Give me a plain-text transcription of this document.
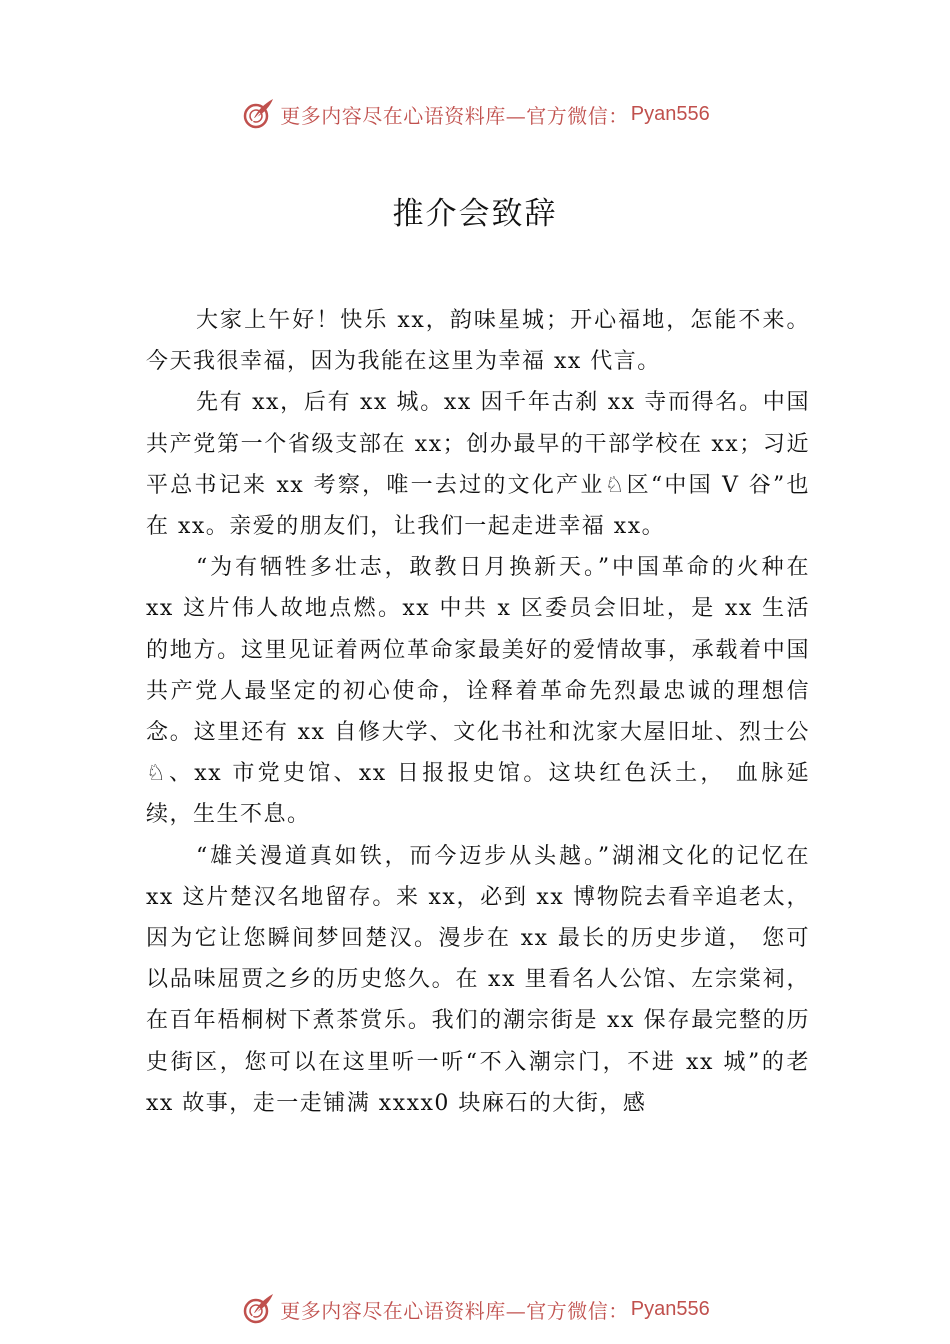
更多内容尽在心语资料库—官方微信： Pyan556
推介会致辞

大家上午好！快乐 xx，韵味星城；开心福地，怎能不来。今天我很幸福，因为我能在这里为幸福 xx 代言。

先有 xx，后有 xx 城。xx 因千年古刹 xx 寺而得名。中国共产党第一个省级支部在 xx；创办最早的干部学校在 xx；习近平总书记来 xx 考察，唯一去过的文化产业♘区“中国 V 谷”也在 xx。亲爱的朋友们，让我们一起走进幸福 xx。

“为有牺牲多壮志，敢教日月换新天。”中国革命的火种在 xx 这片伟人故地点燃。xx 中共 x 区委员会旧址，是 xx 生活的地方。这里见证着两位革命家最美好的爱情故事，承载着中国共产党人最坚定的初心使命，诠释着革命先烈最忠诚的理想信念。这里还有 xx 自修大学、文化书社和沈家大屋旧址、烈士公♘、xx 市党史馆、xx 日报报史馆。这块红色沃土， 血脉延续，生生不息。

“雄关漫道真如铁，而今迈步从头越。”湖湘文化的记忆在 xx 这片楚汉名地留存。来 xx，必到 xx 博物院去看辛追老太，因为它让您瞬间梦回楚汉。漫步在 xx 最长的历史步道， 您可以品味屈贾之乡的历史悠久。在 xx 里看名人公馆、左宗棠祠，在百年梧桐树下煮茶赏乐。我们的潮宗街是 xx 保存最完整的历史街区，您可以在这里听一听“不入潮宗门，不进 xx 城”的老 xx 故事，走一走铺满 xxxx0 块麻石的大街，感

更多内容尽在心语资料库—官方微信： Pyan556
